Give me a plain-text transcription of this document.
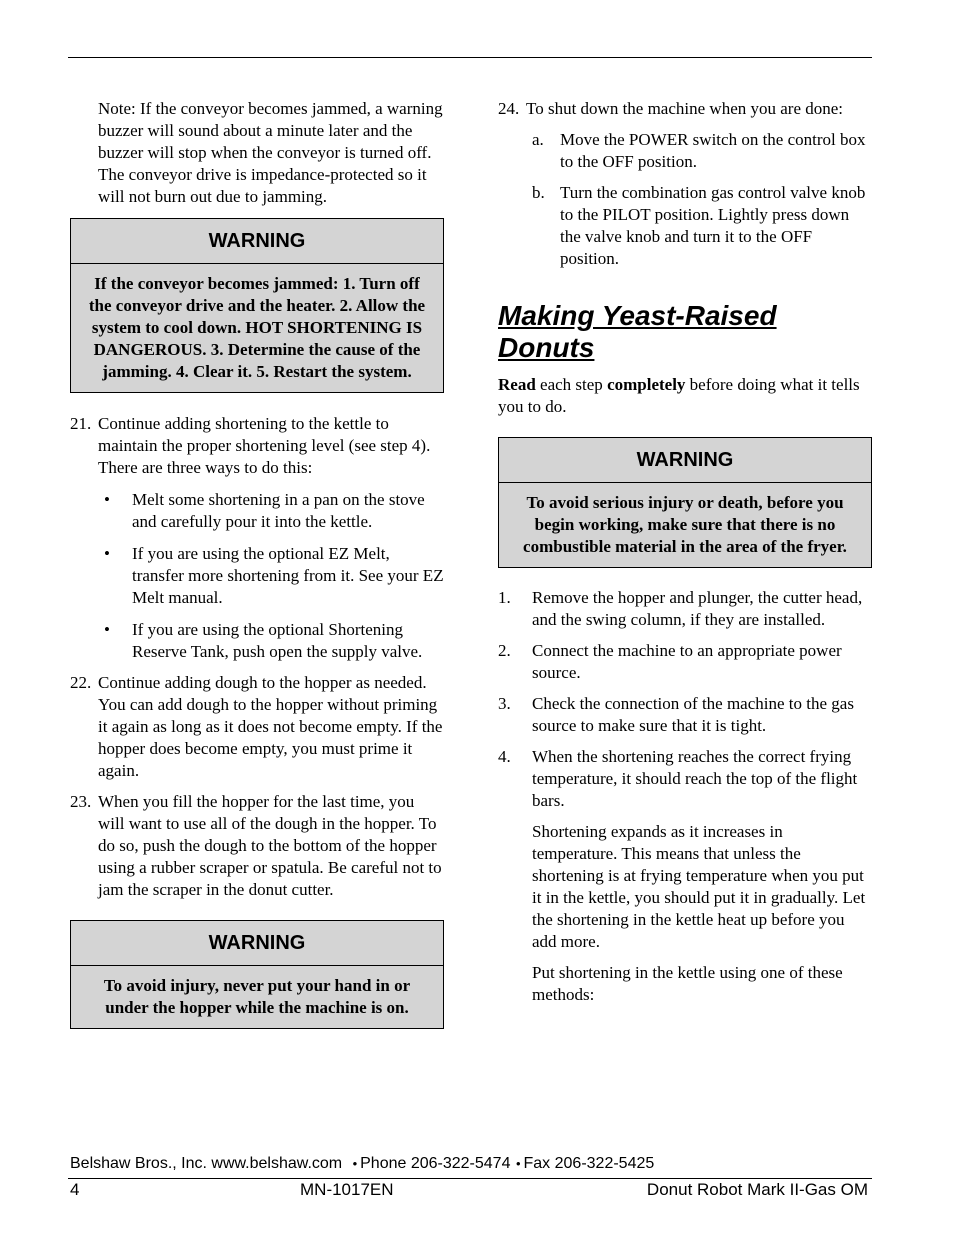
Note: If the conveyor becomes jammed, a warning buzzer will sound about a minute later and the buzzer will stop when the conveyor is turned off. The conveyor drive is impedance-protected so it will not burn out due to jamming.

WARNING
If the conveyor becomes jammed: 1. Turn off the conveyor drive and the heater. 2. Allow the system to cool down. HOT SHORTENING IS DANGEROUS. 3. Determine the cause of the jamming. 4. Clear it. 5. Restart the system.
21. Continue adding shortening to the kettle to maintain the proper shortening level (see step 4). There are three ways to do this:
•	Melt some shortening in a pan on the stove and carefully pour it into the kettle.
•	If you are using the optional EZ Melt, transfer more shortening from it. See your EZ Melt manual.
•	If you are using the optional Shortening Reserve Tank, push open the supply valve.
22. Continue adding dough to the hopper as needed. You can add dough to the hopper without priming it again as long as it does not become empty. If the hopper does become empty, you must prime it again.
23. When you fill the hopper for the last time, you will want to use all of the dough in the hopper. To do so, push the dough to the bottom of the hopper using a rubber scraper or spatula. Be careful not to jam the scraper in the donut cutter.
WARNING
To avoid injury, never put your hand in or under the hopper while the machine is on.
24. To shut down the machine when you are done:
a. Move the POWER switch on the control box to the OFF position.
b. Turn the combination gas control valve knob to the PILOT position. Lightly press down the valve knob and turn it to the OFF position.
Making Yeast-Raised
Donuts

Read each step completely before doing what it tells you to do.

WARNING
To avoid serious injury or death, before you begin working, make sure that there is no combustible material in the area of the fryer.
1.	Remove the hopper and plunger, the cutter head, and the swing column, if they are installed.
2.	Connect the machine to an appropriate power source.
3.	Check the connection of the machine to the gas source to make sure that it is tight.
4.	When the shortening reaches the correct frying temperature, it should reach the top of the flight bars.

Shortening expands as it increases in temperature. This means that unless the shortening is at frying temperature when you put it in the kettle, you should put it in gradually. Let the shortening in the kettle heat up before you add more.

Put shortening in the kettle using one of these methods:

Belshaw Bros., Inc. www.belshaw.com • Phone 206-322-5474 • Fax 206-322-5425
4	MN-1017EN	Donut Robot Mark II-Gas OM
